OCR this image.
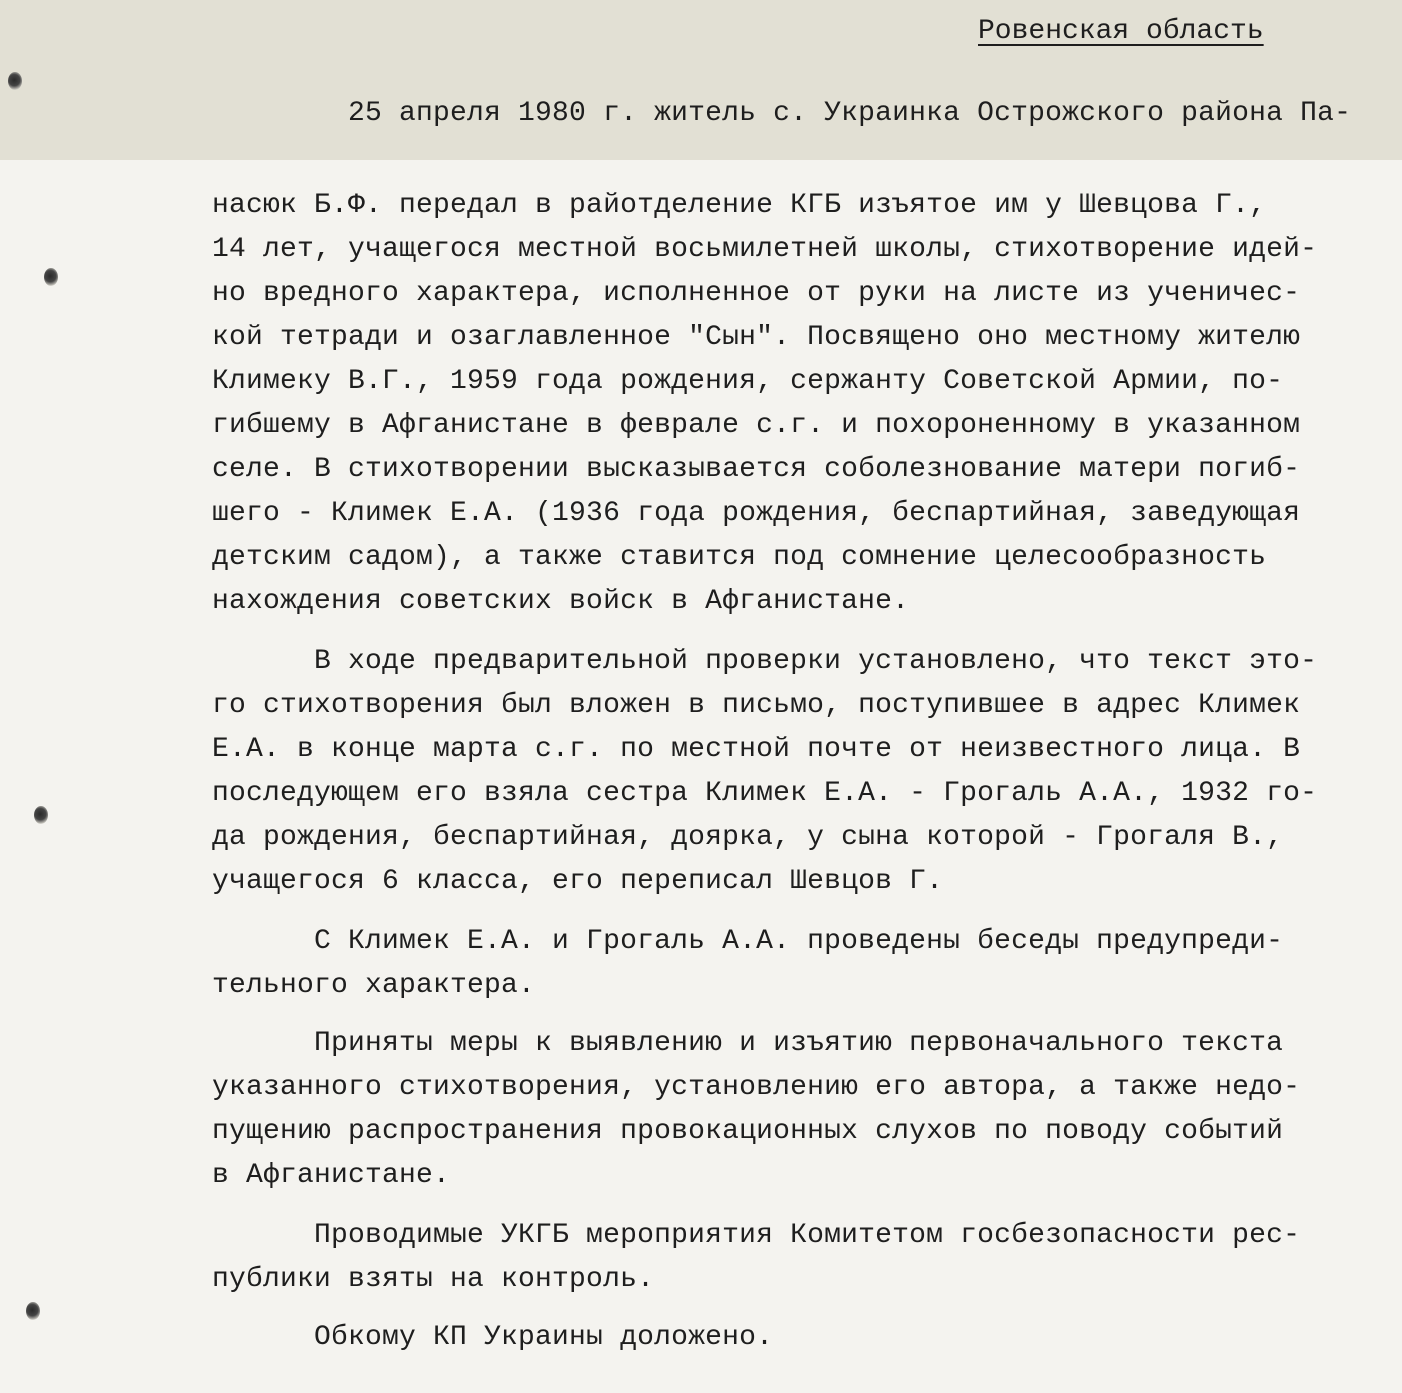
Ровенская область
25 апреля 1980 г. житель с. Украинка Острожского района Па-
насюк Б.Ф. передал в райотделение КГБ изъятое им у Шевцова Г.,
14 лет, учащегося местной восьмилетней школы, стихотворение идей-
но вредного характера, исполненное от руки на листе из ученичес-
кой тетради и озаглавленное "Сын". Посвящено оно местному жителю
Климеку В.Г., 1959 года рождения, сержанту Советской Армии, по-
гибшему в Афганистане в феврале с.г. и похороненному в указанном
селе. В стихотворении высказывается соболезнование матери погиб-
шего - Климек Е.А. (1936 года рождения, беспартийная, заведующая
детским садом), а также ставится под сомнение целесообразность
нахождения советских войск в Афганистане.
В ходе предварительной проверки установлено, что текст это-
го стихотворения был вложен в письмо, поступившее в адрес Климек
Е.А. в конце марта с.г. по местной почте от неизвестного лица. В
последующем его взяла сестра Климек Е.А. - Грогаль А.А., 1932 го-
да рождения, беспартийная, доярка, у сына которой - Грогаля В.,
учащегося 6 класса, его переписал Шевцов Г.
С Климек Е.А. и Грогаль А.А. проведены беседы предупреди-
тельного характера.
Приняты меры к выявлению и изъятию первоначального текста
указанного стихотворения, установлению его автора, а также недо-
пущению распространения провокационных слухов по поводу событий
в Афганистане.
Проводимые УКГБ мероприятия Комитетом госбезопасности рес-
публики взяты на контроль.
Обкому КП Украины доложено.
